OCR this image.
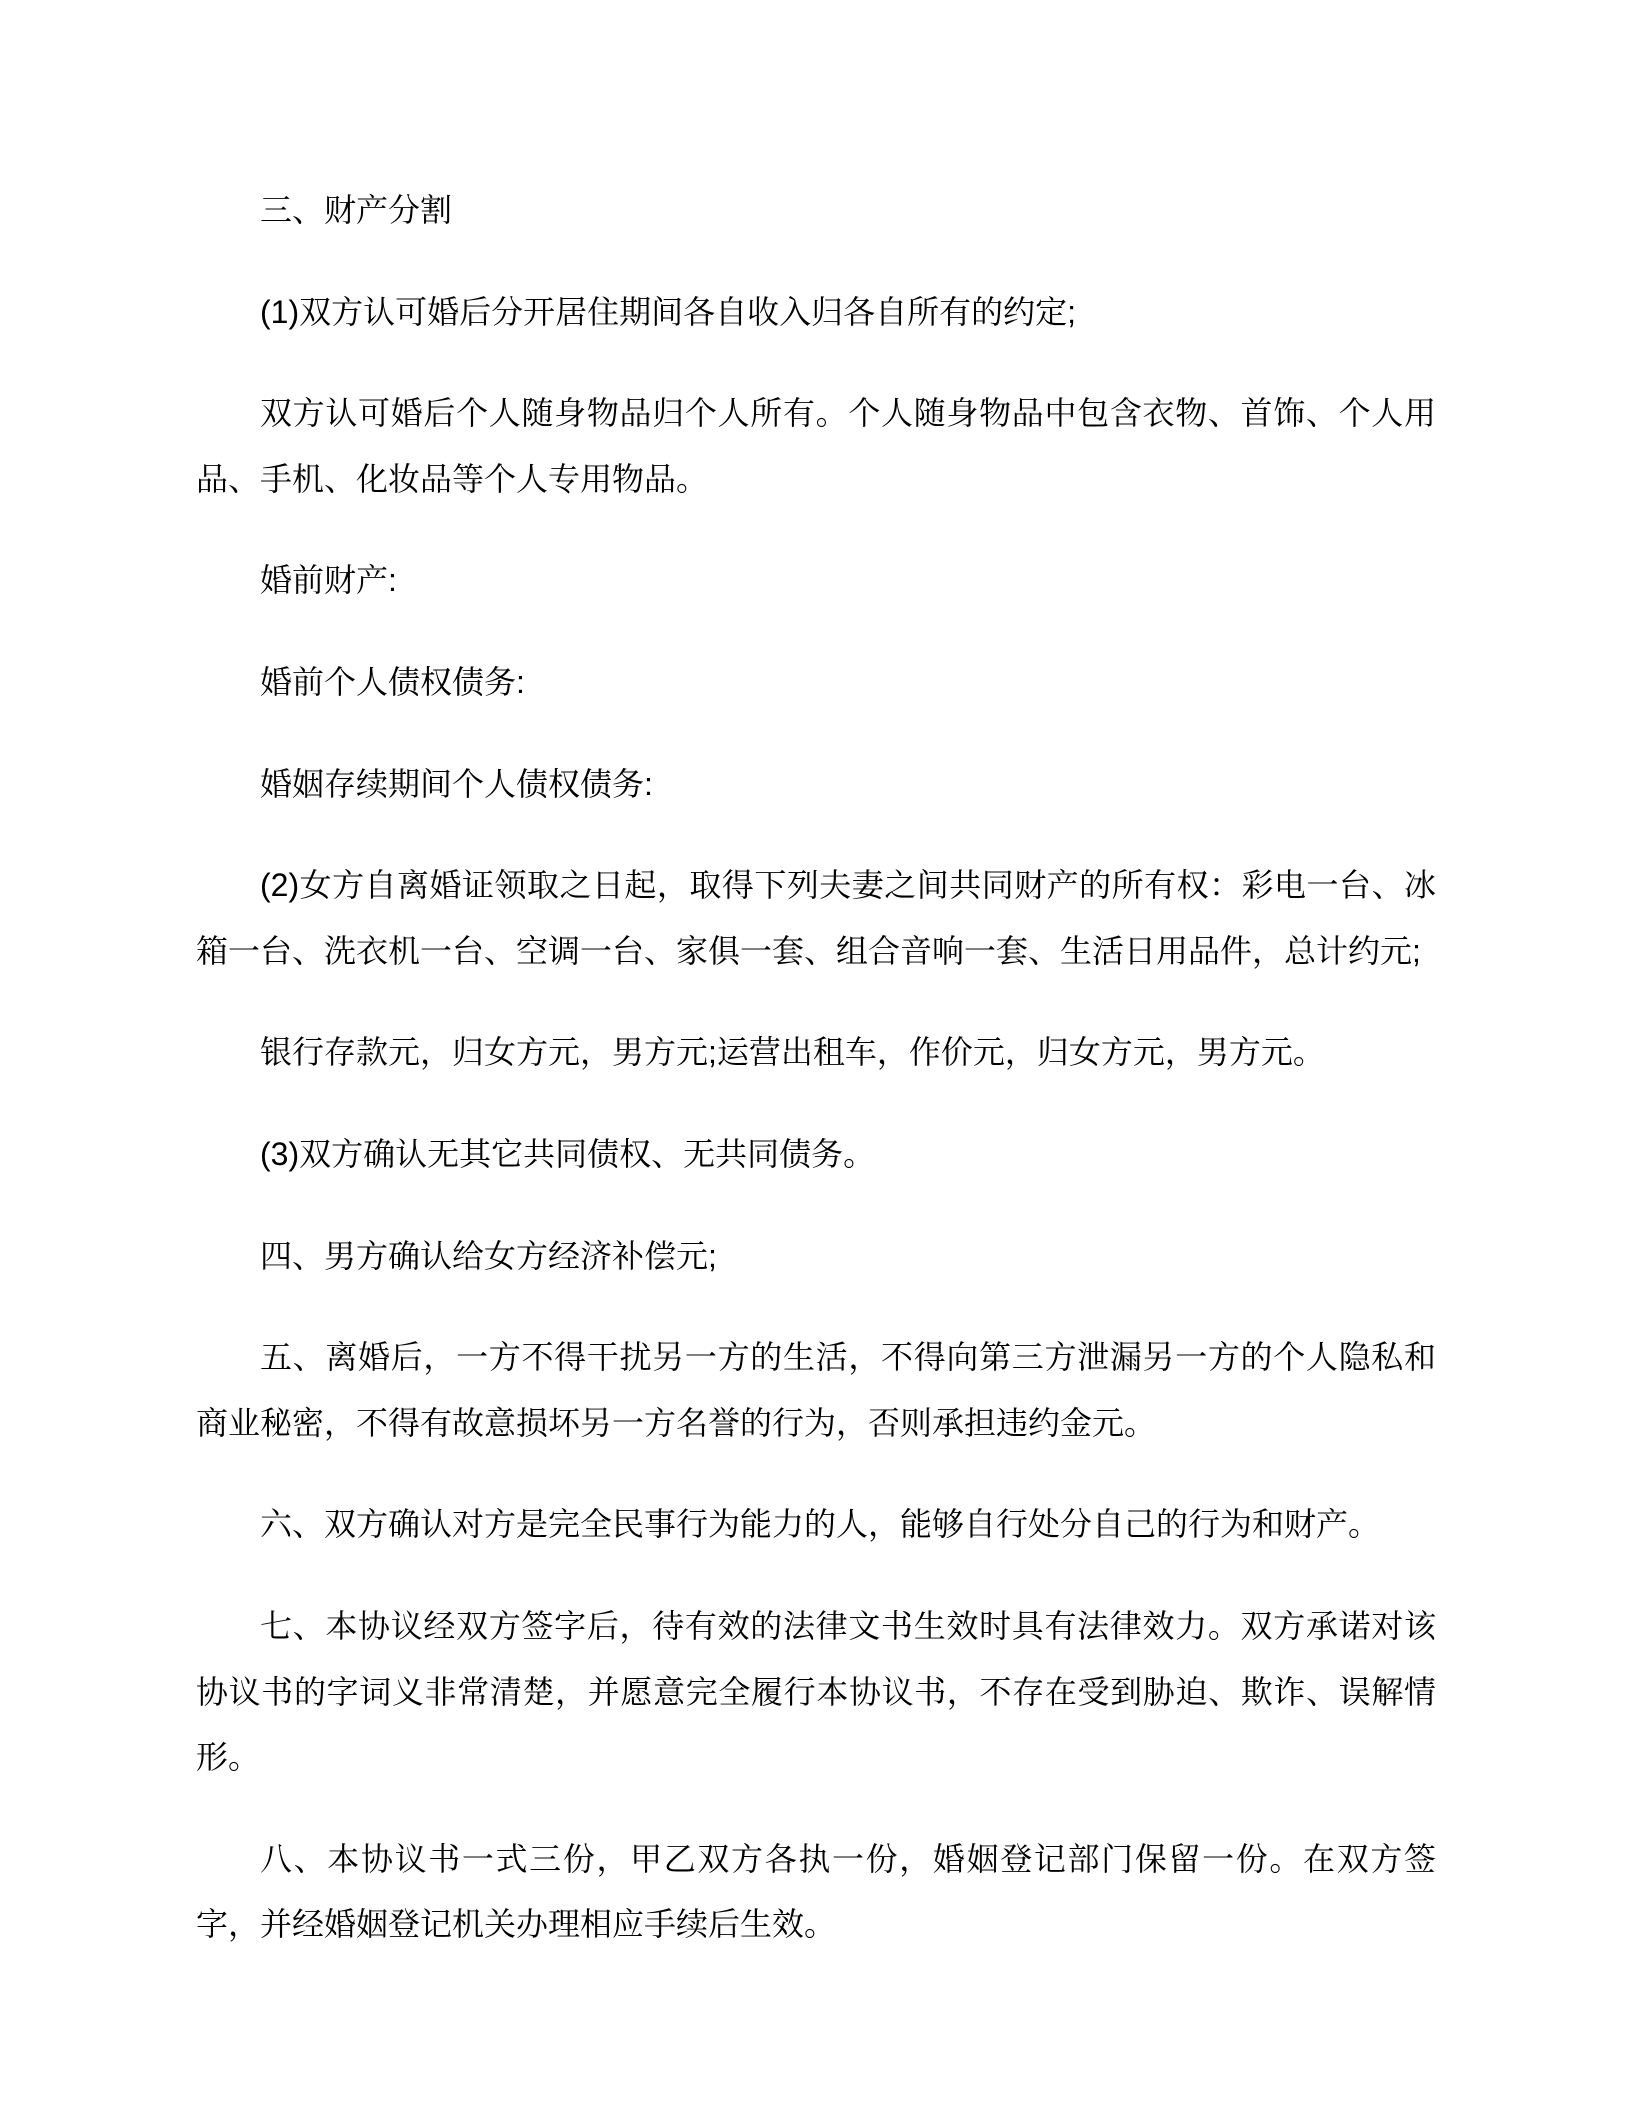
三、财产分割

(1)双方认可婚后分开居住期间各自收入归各自所有的约定;

双方认可婚后个人随身物品归个人所有。个人随身物品中包含衣物、首饰、个人用品、手机、化妆品等个人专用物品。

婚前财产:

婚前个人债权债务:

婚姻存续期间个人债权债务:

(2)女方自离婚证领取之日起，取得下列夫妻之间共同财产的所有权：彩电一台、冰箱一台、洗衣机一台、空调一台、家俱一套、组合音响一套、生活日用品件，总计约元;

银行存款元，归女方元，男方元;运营出租车，作价元，归女方元，男方元。

(3)双方确认无其它共同债权、无共同债务。

四、男方确认给女方经济补偿元;

五、离婚后，一方不得干扰另一方的生活，不得向第三方泄漏另一方的个人隐私和商业秘密，不得有故意损坏另一方名誉的行为，否则承担违约金元。

六、双方确认对方是完全民事行为能力的人，能够自行处分自己的行为和财产。

七、本协议经双方签字后，待有效的法律文书生效时具有法律效力。双方承诺对该协议书的字词义非常清楚，并愿意完全履行本协议书，不存在受到胁迫、欺诈、误解情形。

八、本协议书一式三份，甲乙双方各执一份，婚姻登记部门保留一份。在双方签字，并经婚姻登记机关办理相应手续后生效。
